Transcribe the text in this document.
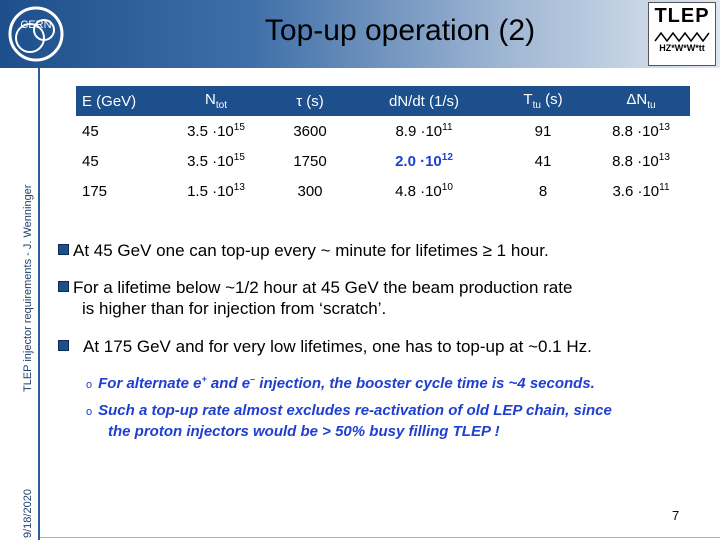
CERN	Top-up operation (2)	TLEP
HZ*W*W*tt
TLEP injector requirements - J. Wenninger
9/18/2020
E (GeV)	$N_{tot}$	τ (s)	dN/dt (1/s)	$T_{tu}$ (s)	$\Delta N_{tu}$
45	$3.5 \cdot 10^{15}$	3600	$8.9 \cdot 10^{11}$	91	$8.8 \cdot 10^{13}$
45	$3.5 \cdot 10^{15}$	1750	$2.0 \cdot 10^{12}$	41	$8.8 \cdot 10^{13}$
175	$1.5 \cdot 10^{13}$	300	$4.8 \cdot 10^{10}$	8	$3.6 \cdot 10^{11}$
At 45 GeV one can top-up every ~ minute for lifetimes ≥ 1 hour.
For a lifetime below ~1/2 hour at 45 GeV the beam production rate
is higher than for injection from ‘scratch’.
At 175 GeV and for very low lifetimes, one has to top-up at ~0.1 Hz.
o For alternate e+ and e– injection, the booster cycle time is ~4 seconds.
o Such a top-up rate almost excludes re-activation of old LEP chain, since
the proton injectors would be > 50% busy filling TLEP !
7
